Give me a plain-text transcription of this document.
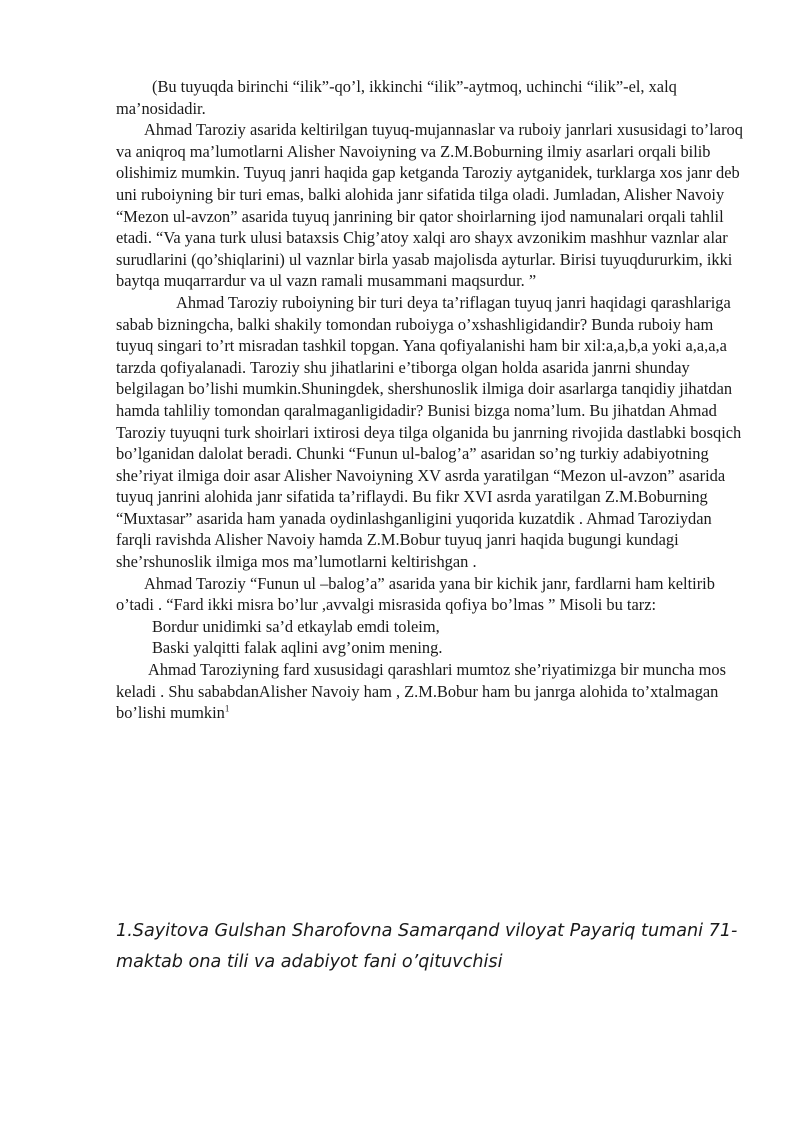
(Bu tuyuqda birinchi “ilik”-qo’l, ikkinchi “ilik”-aytmoq, uchinchi “ilik”-el, xalq ma’nosidadir.

Ahmad Taroziy asarida keltirilgan tuyuq-mujannaslar va ruboiy janrlari xususidagi to’laroq va aniqroq ma’lumotlarni Alisher Navoiyning va Z.M.Boburning ilmiy asarlari orqali bilib olishimiz mumkin. Tuyuq janri haqida gap ketganda Taroziy aytganidek, turklarga xos janr deb uni ruboiyning bir turi emas, balki alohida janr sifatida tilga oladi. Jumladan, Alisher Navoiy “Mezon ul-avzon” asarida tuyuq janrining bir qator shoirlarning ijod namunalari orqali tahlil etadi. “Va yana turk ulusi bataxsis Chig’atoy xalqi aro shayx avzonikim mashhur vaznlar alar surudlarini (qo’shiqlarini) ul vaznlar birla yasab majolisda ayturlar. Birisi tuyuqdururkim, ikki baytqa muqarrardur va ul vazn ramali musammani maqsurdur. ”

Ahmad Taroziy ruboiyning bir turi deya ta’riflagan tuyuq janri haqidagi qarashlariga sabab bizningcha, balki shakily tomondan ruboiyga o’xshashligidandir? Bunda ruboiy ham tuyuq singari to’rt misradan tashkil topgan. Yana qofiyalanishi ham bir xil:a,a,b,a yoki a,a,a,a tarzda qofiyalanadi. Taroziy shu jihatlarini e’tiborga olgan holda asarida janrni shunday belgilagan bo’lishi mumkin.Shuningdek, shershunoslik ilmiga doir asarlarga tanqidiy jihatdan hamda tahliliy tomondan qaralmaganligidadir? Bunisi bizga noma’lum. Bu jihatdan Ahmad Taroziy tuyuqni turk shoirlari ixtirosi deya tilga olganida bu janrning rivojida dastlabki bosqich bo’lganidan dalolat beradi. Chunki “Funun ul-balog’a” asaridan so’ng turkiy adabiyotning she’riyat ilmiga doir asar Alisher Navoiyning XV asrda yaratilgan “Mezon ul-avzon” asarida tuyuq janrini alohida janr sifatida ta’riflaydi. Bu fikr XVI asrda yaratilgan Z.M.Boburning “Muxtasar” asarida ham yanada oydinlashganligini yuqorida kuzatdik . Ahmad Taroziydan farqli ravishda Alisher Navoiy hamda Z.M.Bobur tuyuq janri haqida bugungi kundagi she’rshunoslik ilmiga mos ma’lumotlarni keltirishgan .

Ahmad Taroziy “Funun ul –balog’a” asarida yana bir kichik janr, fardlarni ham keltirib o’tadi . “Fard ikki misra bo’lur ,avvalgi misrasida qofiya bo’lmas ” Misoli bu tarz:

Bordur unidimki sa’d etkaylab emdi toleim,

Baski yalqitti falak aqlini avg’onim mening.

Ahmad Taroziyning fard xususidagi qarashlari mumtoz she’riyatimizga bir muncha mos keladi . Shu sababdanAlisher Navoiy ham , Z.M.Bobur ham bu janrga alohida to’xtalmagan bo’lishi mumkin$^1$

1.Sayitova Gulshan Sharofovna Samarqand viloyat Payariq tumani 71-maktab ona tili va adabiyot fani o’qituvchisi
